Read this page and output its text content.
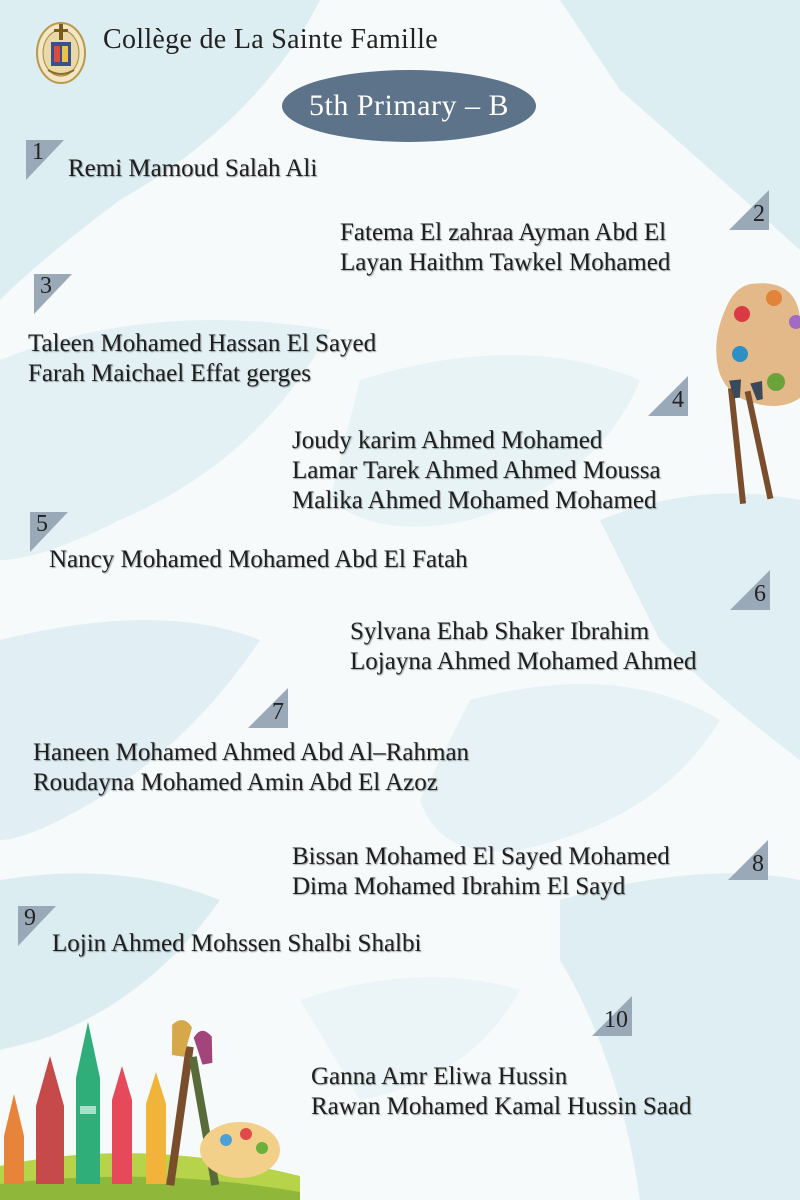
Collège de La Sainte Famille
5th Primary – B
1
Remi Mamoud Salah Ali
2
Fatema El zahraa Ayman Abd El
Layan Haithm Tawkel Mohamed
3
Taleen Mohamed Hassan El Sayed
Farah Maichael Effat gerges
4
Joudy karim Ahmed Mohamed
Lamar Tarek Ahmed Ahmed Moussa
Malika Ahmed Mohamed Mohamed
5
Nancy Mohamed Mohamed Abd El Fatah
6
Sylvana Ehab Shaker Ibrahim
Lojayna Ahmed Mohamed Ahmed
7
Haneen Mohamed Ahmed Abd Al–Rahman
Roudayna Mohamed Amin Abd El Azoz
8
Bissan Mohamed El Sayed Mohamed
Dima Mohamed Ibrahim El Sayd
9
Lojin Ahmed Mohssen Shalbi Shalbi
10
Ganna Amr Eliwa Hussin
Rawan Mohamed Kamal Hussin Saad
